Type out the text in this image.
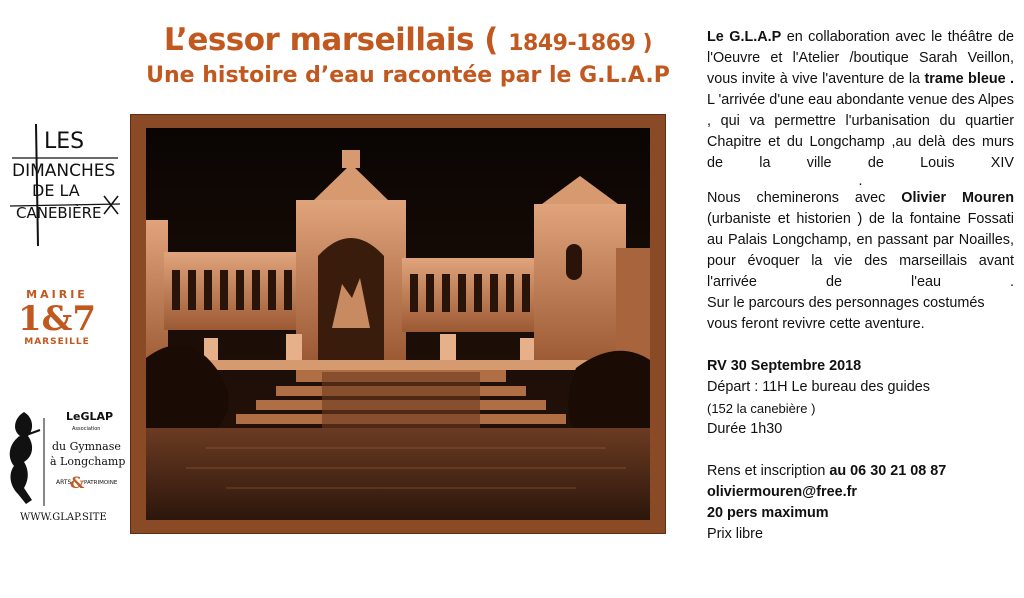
L’essor marseillais ( 1849-1869 )
Une histoire d’eau racontée par le G.L.A.P
LES
DIMANCHES
DE LA
CANEBIÈRE
MAIRIE
1&7
MARSEILLE
LeGLAP
Association
du Gymnase
à Longchamp
ARTS
& PATRIMOINE
WWW.GLAP.SITE

Le G.L.A.P en collaboration avec le théâtre de l'Oeuvre et l'Atelier /boutique Sarah Veillon, vous invite à vive l'aventure de la trame bleue . L 'arrivée d'une eau abondante venue des Alpes , qui va permettre l'urbanisation du quartier Chapitre et du Longchamp ,au delà des murs de la ville de Louis XIV

.

Nous cheminerons avec Olivier Mouren (urbaniste et historien ) de la fontaine Fossati au Palais Longchamp, en passant par Noailles, pour évoquer la vie des marseillais avant l'arrivée de l'eau .

Sur le parcours des personnages costumés vous feront revivre cette aventure.

RV 30 Septembre 2018

Départ : 11H Le bureau des guides

(152 la canebière )

Durée 1h30

Rens et inscription au 06 30 21 08 87

oliviermouren@free.fr

20 pers maximum

Prix libre
